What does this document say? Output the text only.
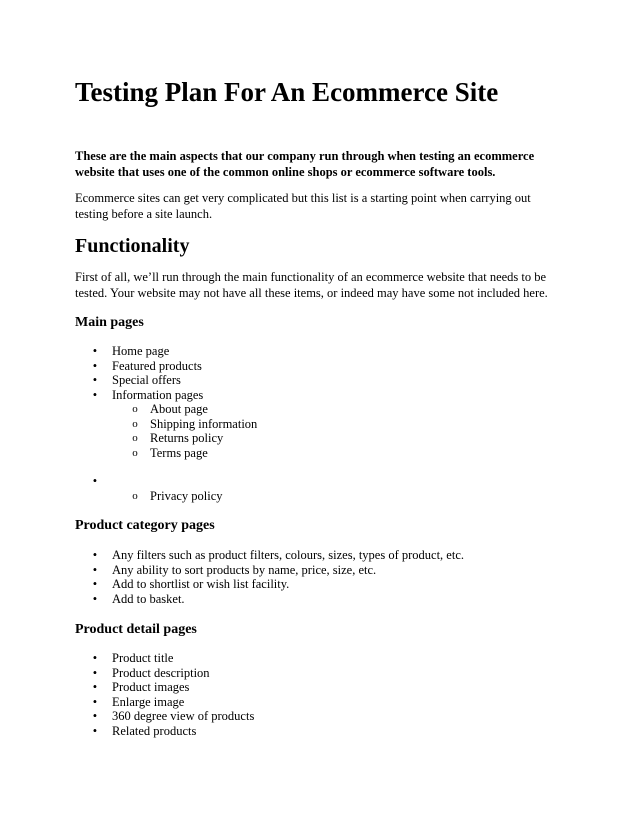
Testing Plan For An Ecommerce Site

These are the main aspects that our company run through when testing an ecommerce website that uses one of the common online shops or ecommerce software tools.

Ecommerce sites can get very complicated but this list is a starting point when carrying out testing before a site launch.

Functionality

First of all, we’ll run through the main functionality of an ecommerce website that needs to be tested. Your website may not have all these items, or indeed may have some not included here.

Main pages
• Home page
• Featured products
• Special offers
• Information pages
o About page
o Shipping information
o Returns policy
o Terms page
•
o Privacy policy
Product category pages
• Any filters such as product filters, colours, sizes, types of product, etc.
• Any ability to sort products by name, price, size, etc.
• Add to shortlist or wish list facility.
• Add to basket.
Product detail pages
• Product title
• Product description
• Product images
• Enlarge image
• 360 degree view of products
• Related products
